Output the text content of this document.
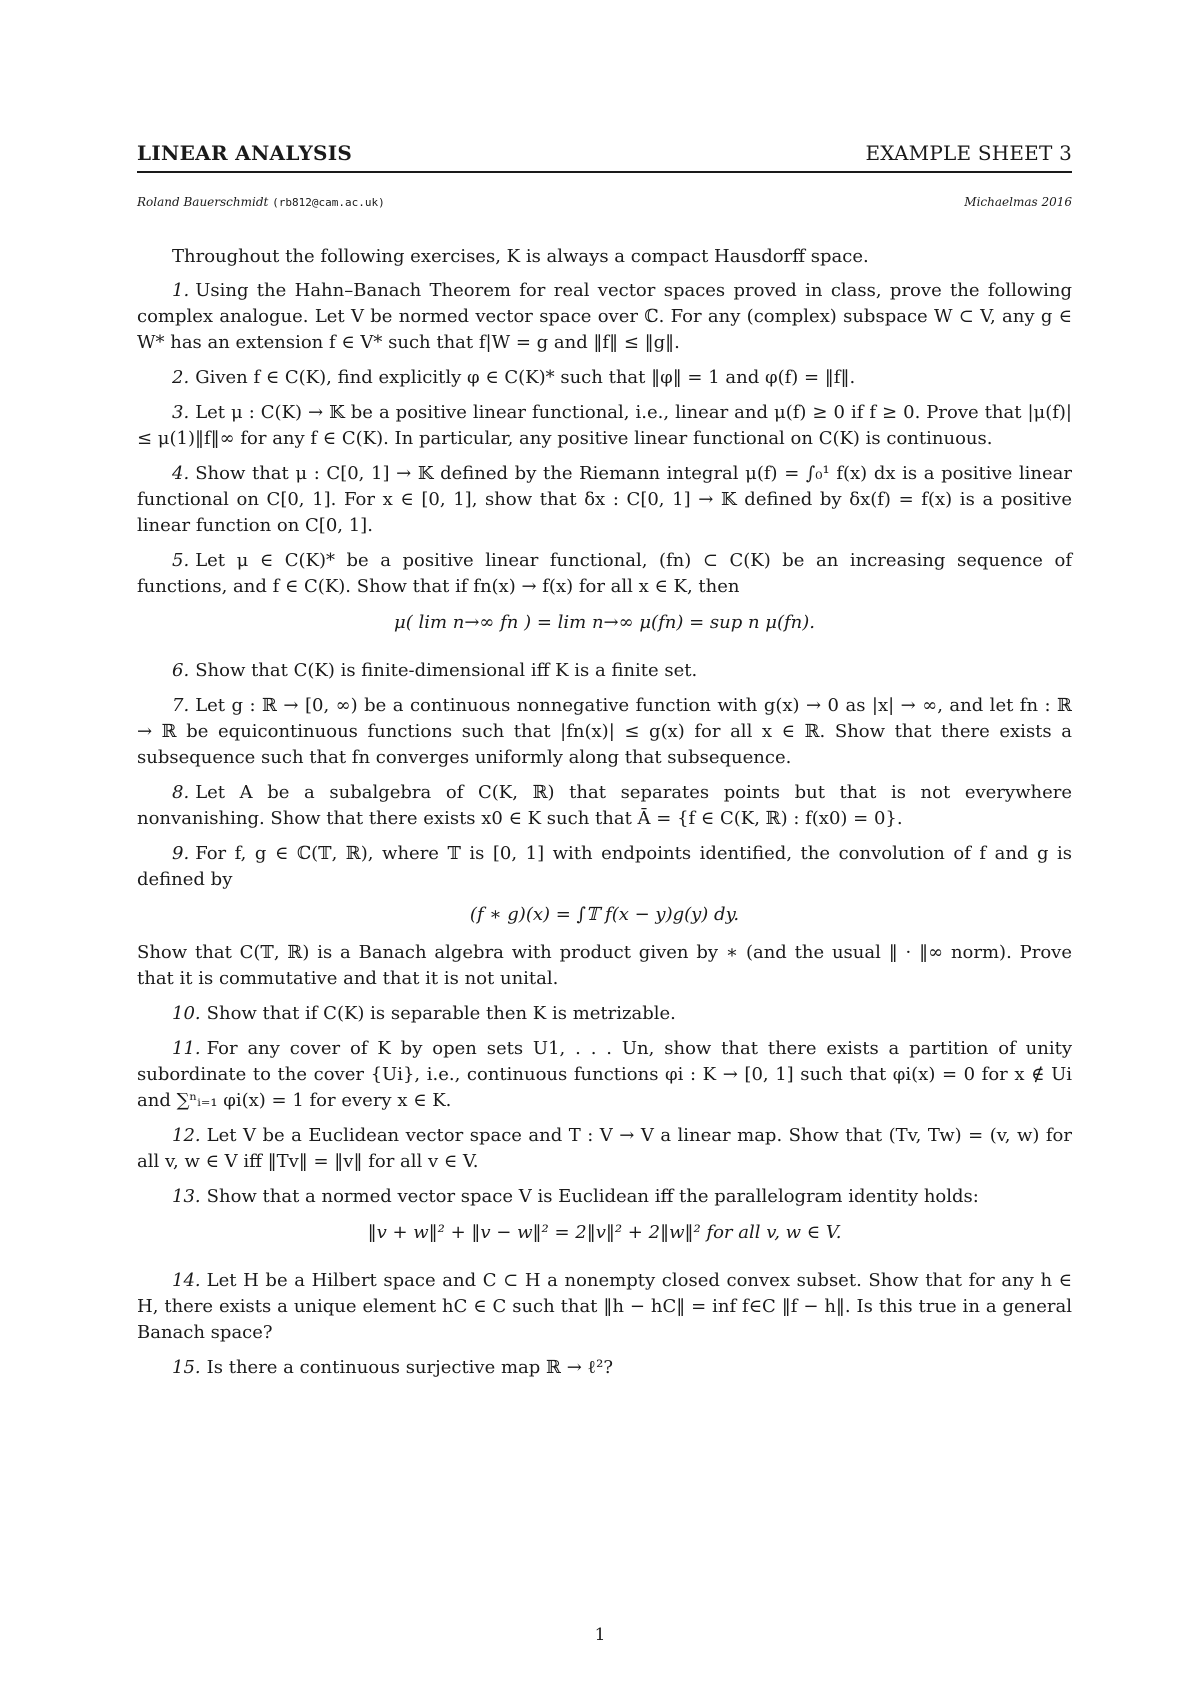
LINEAR ANALYSIS	EXAMPLE SHEET 3
Roland Bauerschmidt (rb812@cam.ac.uk)	Michaelmas 2016

Throughout the following exercises, K is always a compact Hausdorff space.

1. Using the Hahn–Banach Theorem for real vector spaces proved in class, prove the following complex analogue. Let V be normed vector space over ℂ. For any (complex) subspace W ⊂ V, any g ∈ W* has an extension f ∈ V* such that f|W = g and ‖f‖ ≤ ‖g‖.

2. Given f ∈ C(K), find explicitly φ ∈ C(K)* such that ‖φ‖ = 1 and φ(f) = ‖f‖.

3. Let μ : C(K) → 𝕂 be a positive linear functional, i.e., linear and μ(f) ≥ 0 if f ≥ 0. Prove that |μ(f)| ≤ μ(1)‖f‖∞ for any f ∈ C(K). In particular, any positive linear functional on C(K) is continuous.

4. Show that μ : C[0, 1] → 𝕂 defined by the Riemann integral μ(f) = ∫₀¹ f(x) dx is a positive linear functional on C[0, 1]. For x ∈ [0, 1], show that δx : C[0, 1] → 𝕂 defined by δx(f) = f(x) is a positive linear function on C[0, 1].

5. Let μ ∈ C(K)* be a positive linear functional, (fn) ⊂ C(K) be an increasing sequence of functions, and f ∈ C(K). Show that if fn(x) → f(x) for all x ∈ K, then

μ( lim n→∞ fn ) = lim n→∞ μ(fn) = sup n μ(fn).

6. Show that C(K) is finite-dimensional iff K is a finite set.

7. Let g : ℝ → [0, ∞) be a continuous nonnegative function with g(x) → 0 as |x| → ∞, and let fn : ℝ → ℝ be equicontinuous functions such that |fn(x)| ≤ g(x) for all x ∈ ℝ. Show that there exists a subsequence such that fn converges uniformly along that subsequence.

8. Let A be a subalgebra of C(K, ℝ) that separates points but that is not everywhere nonvanishing. Show that there exists x0 ∈ K such that Ā = {f ∈ C(K, ℝ) : f(x0) = 0}.

9. For f, g ∈ ℂ(𝕋, ℝ), where 𝕋 is [0, 1] with endpoints identified, the convolution of f and g is defined by

(f ∗ g)(x) = ∫𝕋 f(x − y)g(y) dy.

Show that C(𝕋, ℝ) is a Banach algebra with product given by ∗ (and the usual ‖ · ‖∞ norm). Prove that it is commutative and that it is not unital.

10. Show that if C(K) is separable then K is metrizable.

11. For any cover of K by open sets U1, . . . Un, show that there exists a partition of unity subordinate to the cover {Ui}, i.e., continuous functions φi : K → [0, 1] such that φi(x) = 0 for x ∉ Ui and ∑ⁿᵢ₌₁ φi(x) = 1 for every x ∈ K.

12. Let V be a Euclidean vector space and T : V → V a linear map. Show that (Tv, Tw) = (v, w) for all v, w ∈ V iff ‖Tv‖ = ‖v‖ for all v ∈ V.

13. Show that a normed vector space V is Euclidean iff the parallelogram identity holds:

‖v + w‖² + ‖v − w‖² = 2‖v‖² + 2‖w‖² for all v, w ∈ V.

14. Let H be a Hilbert space and C ⊂ H a nonempty closed convex subset. Show that for any h ∈ H, there exists a unique element hC ∈ C such that ‖h − hC‖ = inf f∈C ‖f − h‖. Is this true in a general Banach space?

15. Is there a continuous surjective map ℝ → ℓ²?

1
